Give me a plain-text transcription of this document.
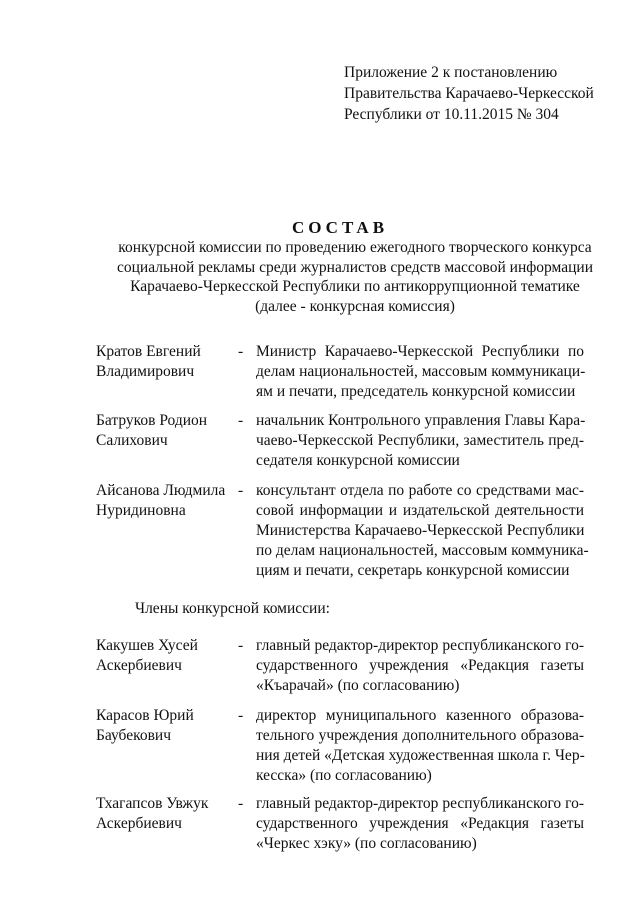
Приложение 2 к постановлению
Правительства Карачаево-Черкесской
Республики от 10.11.2015 № 304
СОСТАВ
конкурсной комиссии по проведению ежегодного творческого конкурса
социальной рекламы среди журналистов средств массовой информации
Карачаево-Черкесской Республики по антикоррупционной тематике
(далее - конкурсная комиссия)
Кратов Евгений
Владимирович
- Министр Карачаево-Черкесской Республики по
делам национальностей, массовым коммуникаци-
ям и печати, председатель конкурсной комиссии
Батруков Родион
Салихович
- начальник Контрольного управления Главы Кара-
чаево-Черкесской Республики, заместитель пред-
седателя конкурсной комиссии
Айсанова Людмила
Нуридиновна
- консультант отдела по работе со средствами мас-
совой информации и издательской деятельности
Министерства Карачаево-Черкесской Республики
по делам национальностей, массовым коммуника-
циям и печати, секретарь конкурсной комиссии
Члены конкурсной комиссии:
Какушев Хусей
Аскербиевич
- главный редактор-директор республиканского го-
сударственного учреждения «Редакция газеты
«Къарачай» (по согласованию)
Карасов Юрий
Баубекович
- директор муниципального казенного образова-
тельного учреждения дополнительного образова-
ния детей «Детская художественная школа г. Чер-
кесска» (по согласованию)
Тхагапсов Увжук
Аскербиевич
- главный редактор-директор республиканского го-
сударственного учреждения «Редакция газеты
«Черкес хэку» (по согласованию)
